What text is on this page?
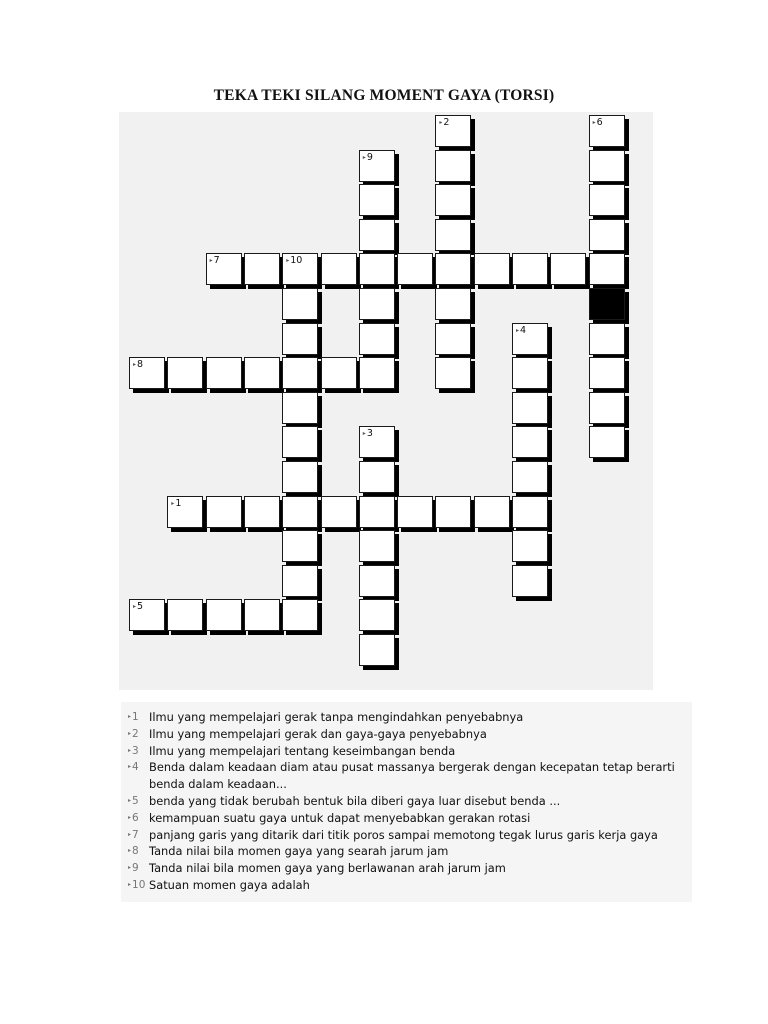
TEKA TEKI SILANG MOMENT GAYA (TORSI)
▸2	▸6
▸9
▸7	▸10
▸4
▸8
▸3
▸1
▸5
▸1 Ilmu yang mempelajari gerak tanpa mengindahkan penyebabnya
▸2 Ilmu yang mempelajari gerak dan gaya-gaya penyebabnya
▸3 Ilmu yang mempelajari tentang keseimbangan benda
▸4 Benda dalam keadaan diam atau pusat massanya bergerak dengan kecepatan tetap berarti
benda dalam keadaan...
▸5 benda yang tidak berubah bentuk bila diberi gaya luar disebut benda ...
▸6 kemampuan suatu gaya untuk dapat menyebabkan gerakan rotasi
▸7 panjang garis yang ditarik dari titik poros sampai memotong tegak lurus garis kerja gaya
▸8 Tanda nilai bila momen gaya yang searah jarum jam
▸9 Tanda nilai bila momen gaya yang berlawanan arah jarum jam
▸10 Satuan momen gaya adalah
